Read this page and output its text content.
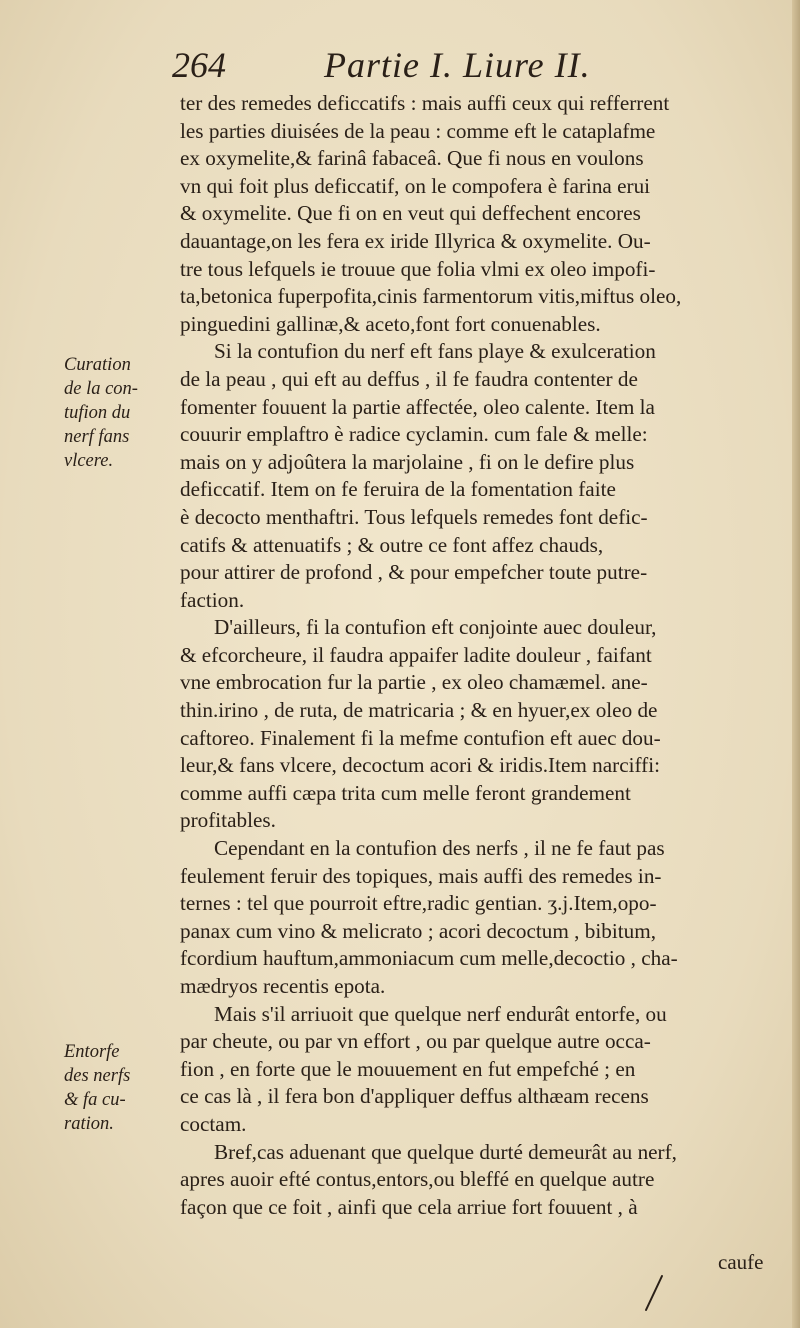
264	Partie I. Liure II.
ter des remedes deficcatifs : mais auffi ceux qui refferrent
les parties diuisées de la peau : comme eft le cataplafme
ex oxymelite,& farinâ fabaceâ. Que fi nous en voulons
vn qui foit plus deficcatif, on le compofera è farina erui
& oxymelite. Que fi on en veut qui deffechent encores
dauantage,on les fera ex iride Illyrica & oxymelite. Ou-
tre tous lefquels ie trouue que folia vlmi ex oleo impofi-
ta,betonica fuperpofita,cinis farmentorum vitis,miftus oleo,
pinguedini gallinæ,& aceto,font fort conuenables.
Si la contufion du nerf eft fans playe & exulceration
de la peau , qui eft au deffus , il fe faudra contenter de
fomenter fouuent la partie affectée, oleo calente. Item la
couurir emplaftro è radice cyclamin. cum fale & melle:
mais on y adjoûtera la marjolaine , fi on le defire plus
deficcatif. Item on fe feruira de la fomentation faite
è decocto menthaftri. Tous lefquels remedes font defic-
catifs & attenuatifs ; & outre ce font affez chauds,
pour attirer de profond , & pour empefcher toute putre-
faction.
D'ailleurs, fi la contufion eft conjointe auec douleur,
& efcorcheure, il faudra appaifer ladite douleur , faifant
vne embrocation fur la partie , ex oleo chamæmel. ane-
thin.irino , de ruta, de matricaria ; & en hyuer,ex oleo de
caftoreo. Finalement fi la mefme contufion eft auec dou-
leur,& fans vlcere, decoctum acori & iridis.Item narciffi:
comme auffi cæpa trita cum melle feront grandement
profitables.
Cependant en la contufion des nerfs , il ne fe faut pas
feulement feruir des topiques, mais auffi des remedes in-
ternes : tel que pourroit eftre,radic gentian. ʒ.j.Item,opo-
panax cum vino & melicrato ; acori decoctum , bibitum,
fcordium hauftum,ammoniacum cum melle,decoctio , cha-
mædryos recentis epota.
Mais s'il arriuoit que quelque nerf endurât entorfe, ou
par cheute, ou par vn effort , ou par quelque autre occa-
fion , en forte que le mouuement en fut empefché ; en
ce cas là , il fera bon d'appliquer deffus althæam recens
coctam.
Bref,cas aduenant que quelque durté demeurât au nerf,
apres auoir efté contus,entors,ou bleffé en quelque autre
façon que ce foit , ainfi que cela arriue fort fouuent , à
Curation
de la con-
tufion du
nerf fans
vlcere.
Entorfe
des nerfs
& fa cu-
ration.
caufe
